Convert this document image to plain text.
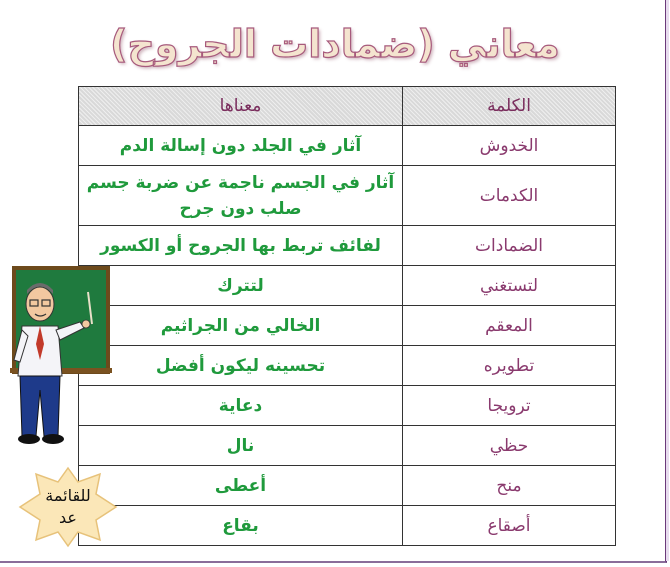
معاني (ضمادات الجروح)
الكلمة	معناها
الخدوش	آثار في الجلد دون إسالة الدم
الكدمات	آثار في الجسم ناجمة عن ضربة جسم صلب دون جرح
الضمادات	لفائف تربط بها الجروح أو الكسور
لتستغني	لتترك
المعقم	الخالي من الجراثيم
تطويره	تحسينه ليكون أفضل
ترويجا	دعاية
حظي	نال
منح	أعطى
أصقاع	بقاع
للقائمة
عد
